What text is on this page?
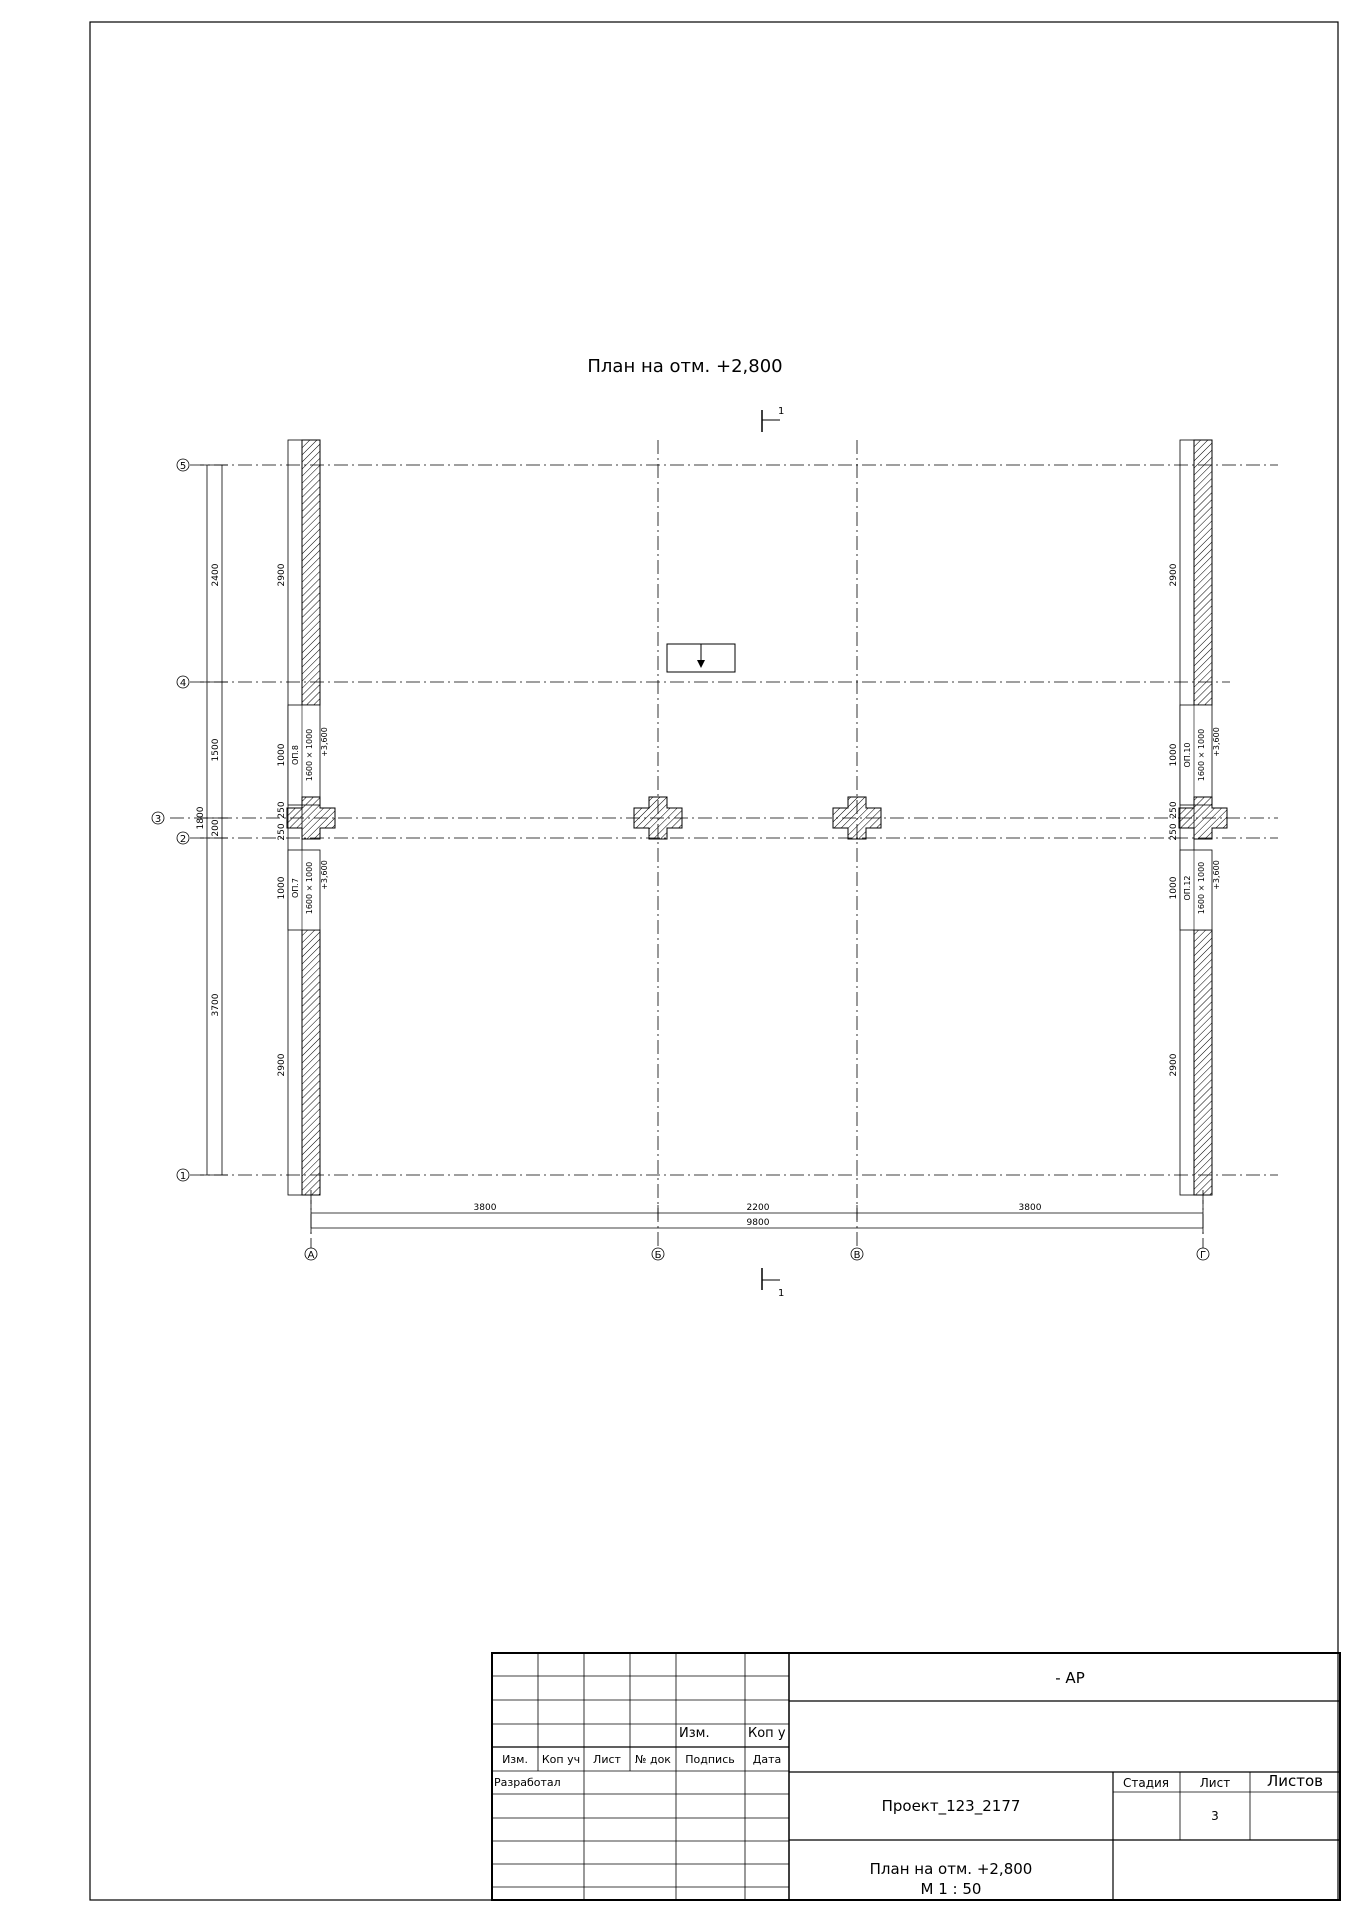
План на отм. +2,800
1
1
5
4
3
2
1
А	Б	В	Г
2400
1500
1800 200
3700
2900
1000
1000
2900
250
250
ОП.8 1600 × 1000 +3,600
ОП.7 1600 × 1000 +3,600
2900
1000
1000
2900
250
250
ОП.10 1600 × 1000 +3,600
ОП.12 1600 × 1000 +3,600
3800	2200	3800
9800
Изм.	Коп у
Изм. Коп уч Лист № док Подпись Дата
Разработал
- АР
Проект_123_2177
Стадия	Лист Листов
3
План на отм. +2,800
М 1 : 50
